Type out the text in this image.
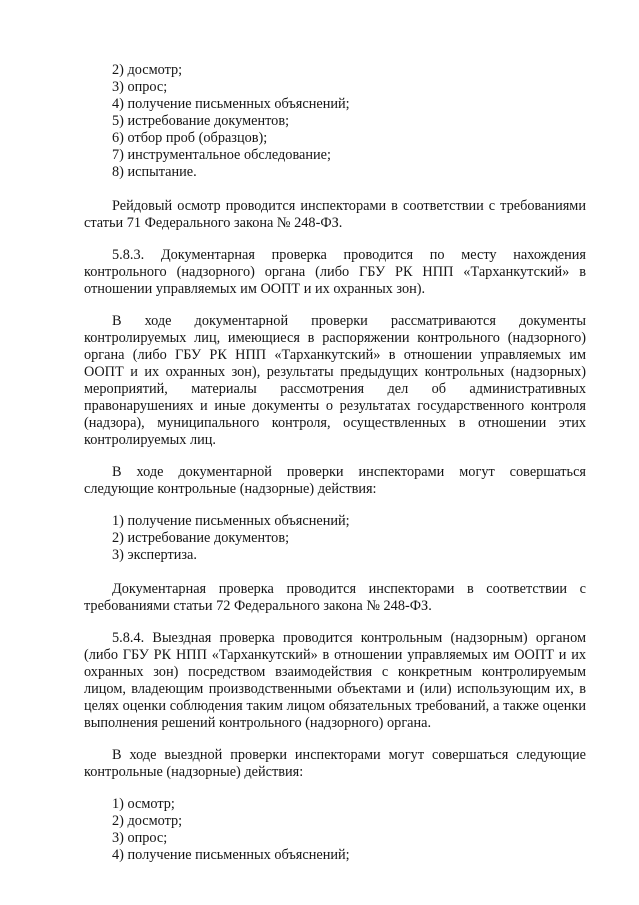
2) досмотр;
3) опрос;
4) получение письменных объяснений;
5) истребование документов;
6) отбор проб (образцов);
7) инструментальное обследование;
8) испытание.

Рейдовый осмотр проводится инспекторами в соответствии с требованиями статьи 71 Федерального закона № 248-ФЗ.

5.8.3. Документарная проверка проводится по месту нахождения контрольного (надзорного) органа (либо ГБУ РК НПП «Тарханкутский» в отношении управляемых им ООПТ и их охранных зон).

В ходе документарной проверки рассматриваются документы контролируемых лиц, имеющиеся в распоряжении контрольного (надзорного) органа (либо ГБУ РК НПП «Тарханкутский» в отношении управляемых им ООПТ и их охранных зон), результаты предыдущих контрольных (надзорных) мероприятий, материалы рассмотрения дел об административных правонарушениях и иные документы о результатах государственного контроля (надзора), муниципального контроля, осуществленных в отношении этих контролируемых лиц.

В ходе документарной проверки инспекторами могут совершаться следующие контрольные (надзорные) действия:

1) получение письменных объяснений;
2) истребование документов;
3) экспертиза.

Документарная проверка проводится инспекторами в соответствии с требованиями статьи 72 Федерального закона № 248-ФЗ.

5.8.4. Выездная проверка проводится контрольным (надзорным) органом (либо ГБУ РК НПП «Тарханкутский» в отношении управляемых им ООПТ и их охранных зон) посредством взаимодействия с конкретным контролируемым лицом, владеющим производственными объектами и (или) использующим их, в целях оценки соблюдения таким лицом обязательных требований, а также оценки выполнения решений контрольного (надзорного) органа.

В ходе выездной проверки инспекторами могут совершаться следующие контрольные (надзорные) действия:

1) осмотр;
2) досмотр;
3) опрос;
4) получение письменных объяснений;
